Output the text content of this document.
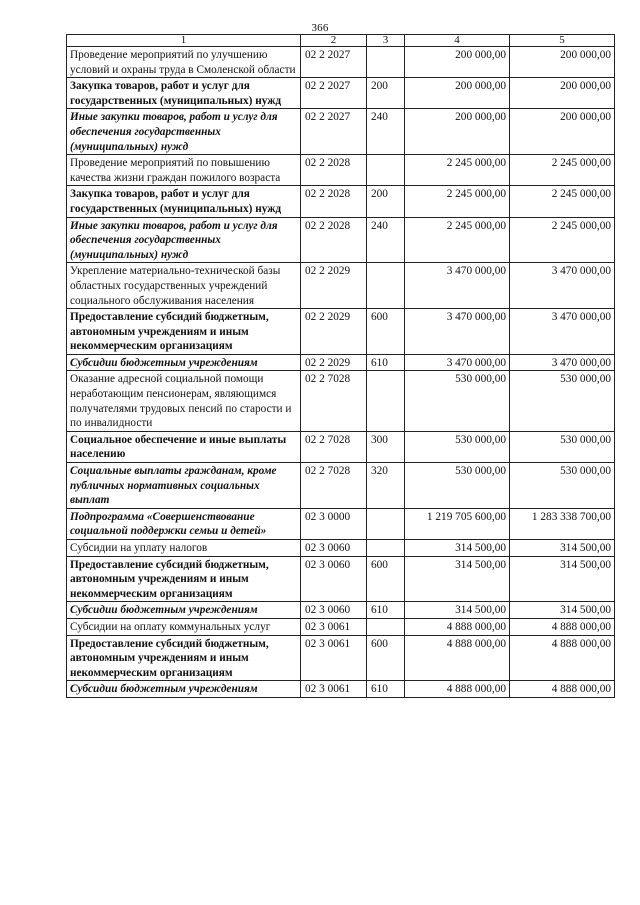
366
1	2	3	4	5
Проведение мероприятий по улучшению условий и охраны труда в Смоленской области	02 2 2027		200 000,00	200 000,00
Закупка товаров, работ и услуг для государственных (муниципальных) нужд	02 2 2027	200	200 000,00	200 000,00
Иные закупки товаров, работ и услуг для обеспечения государственных (муниципальных) нужд	02 2 2027	240	200 000,00	200 000,00
Проведение мероприятий по повышению качества жизни граждан пожилого возраста	02 2 2028		2 245 000,00	2 245 000,00
Закупка товаров, работ и услуг для государственных (муниципальных) нужд	02 2 2028	200	2 245 000,00	2 245 000,00
Иные закупки товаров, работ и услуг для обеспечения государственных (муниципальных) нужд	02 2 2028	240	2 245 000,00	2 245 000,00
Укрепление материально-технической базы областных государственных учреждений социального обслуживания населения	02 2 2029		3 470 000,00	3 470 000,00
Предоставление субсидий бюджетным, автономным учреждениям и иным некоммерческим организациям	02 2 2029	600	3 470 000,00	3 470 000,00
Субсидии бюджетным учреждениям	02 2 2029	610	3 470 000,00	3 470 000,00
Оказание адресной социальной помощи неработающим пенсионерам, являющимся получателями трудовых пенсий по старости и по инвалидности	02 2 7028		530 000,00	530 000,00
Социальное обеспечение и иные выплаты населению	02 2 7028	300	530 000,00	530 000,00
Социальные выплаты гражданам, кроме публичных нормативных социальных выплат	02 2 7028	320	530 000,00	530 000,00
Подпрограмма «Совершенствование социальной поддержки семьи и детей»	02 3 0000		1 219 705 600,00	1 283 338 700,00
Субсидии на уплату налогов	02 3 0060		314 500,00	314 500,00
Предоставление субсидий бюджетным, автономным учреждениям и иным некоммерческим организациям	02 3 0060	600	314 500,00	314 500,00
Субсидии бюджетным учреждениям	02 3 0060	610	314 500,00	314 500,00
Субсидии на оплату коммунальных услуг	02 3 0061		4 888 000,00	4 888 000,00
Предоставление субсидий бюджетным, автономным учреждениям и иным некоммерческим организациям	02 3 0061	600	4 888 000,00	4 888 000,00
Субсидии бюджетным учреждениям	02 3 0061	610	4 888 000,00	4 888 000,00
